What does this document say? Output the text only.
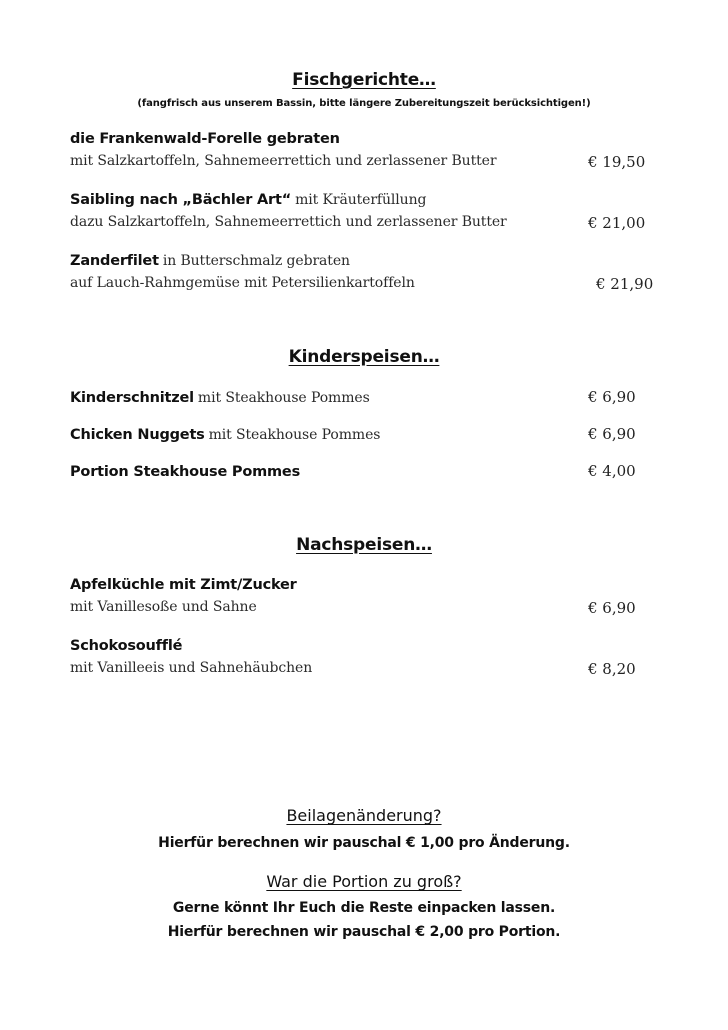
Fischgerichte…
(fangfrisch aus unserem Bassin, bitte längere Zubereitungszeit berücksichtigen!)
die Frankenwald-Forelle gebraten
mit Salzkartoffeln, Sahnemeerrettich und zerlassener Butter	€ 19,50
Saibling nach „Bächler Art“ mit Kräuterfüllung
dazu Salzkartoffeln, Sahnemeerrettich und zerlassener Butter	€ 21,00
Zanderfilet in Butterschmalz gebraten
auf Lauch-Rahmgemüse mit Petersilienkartoffeln	€ 21,90
Kinderspeisen…
Kinderschnitzel mit Steakhouse Pommes	€ 6,90
Chicken Nuggets mit Steakhouse Pommes	€ 6,90
Portion Steakhouse Pommes	€ 4,00
Nachspeisen…
Apfelküchle mit Zimt/Zucker
mit Vanillesoße und Sahne	€ 6,90
Schokosoufflé
mit Vanilleeis und Sahnehäubchen	€ 8,20
Beilagenänderung?
Hierfür berechnen wir pauschal € 1,00 pro Änderung.
War die Portion zu groß?
Gerne könnt Ihr Euch die Reste einpacken lassen.
Hierfür berechnen wir pauschal € 2,00 pro Portion.
